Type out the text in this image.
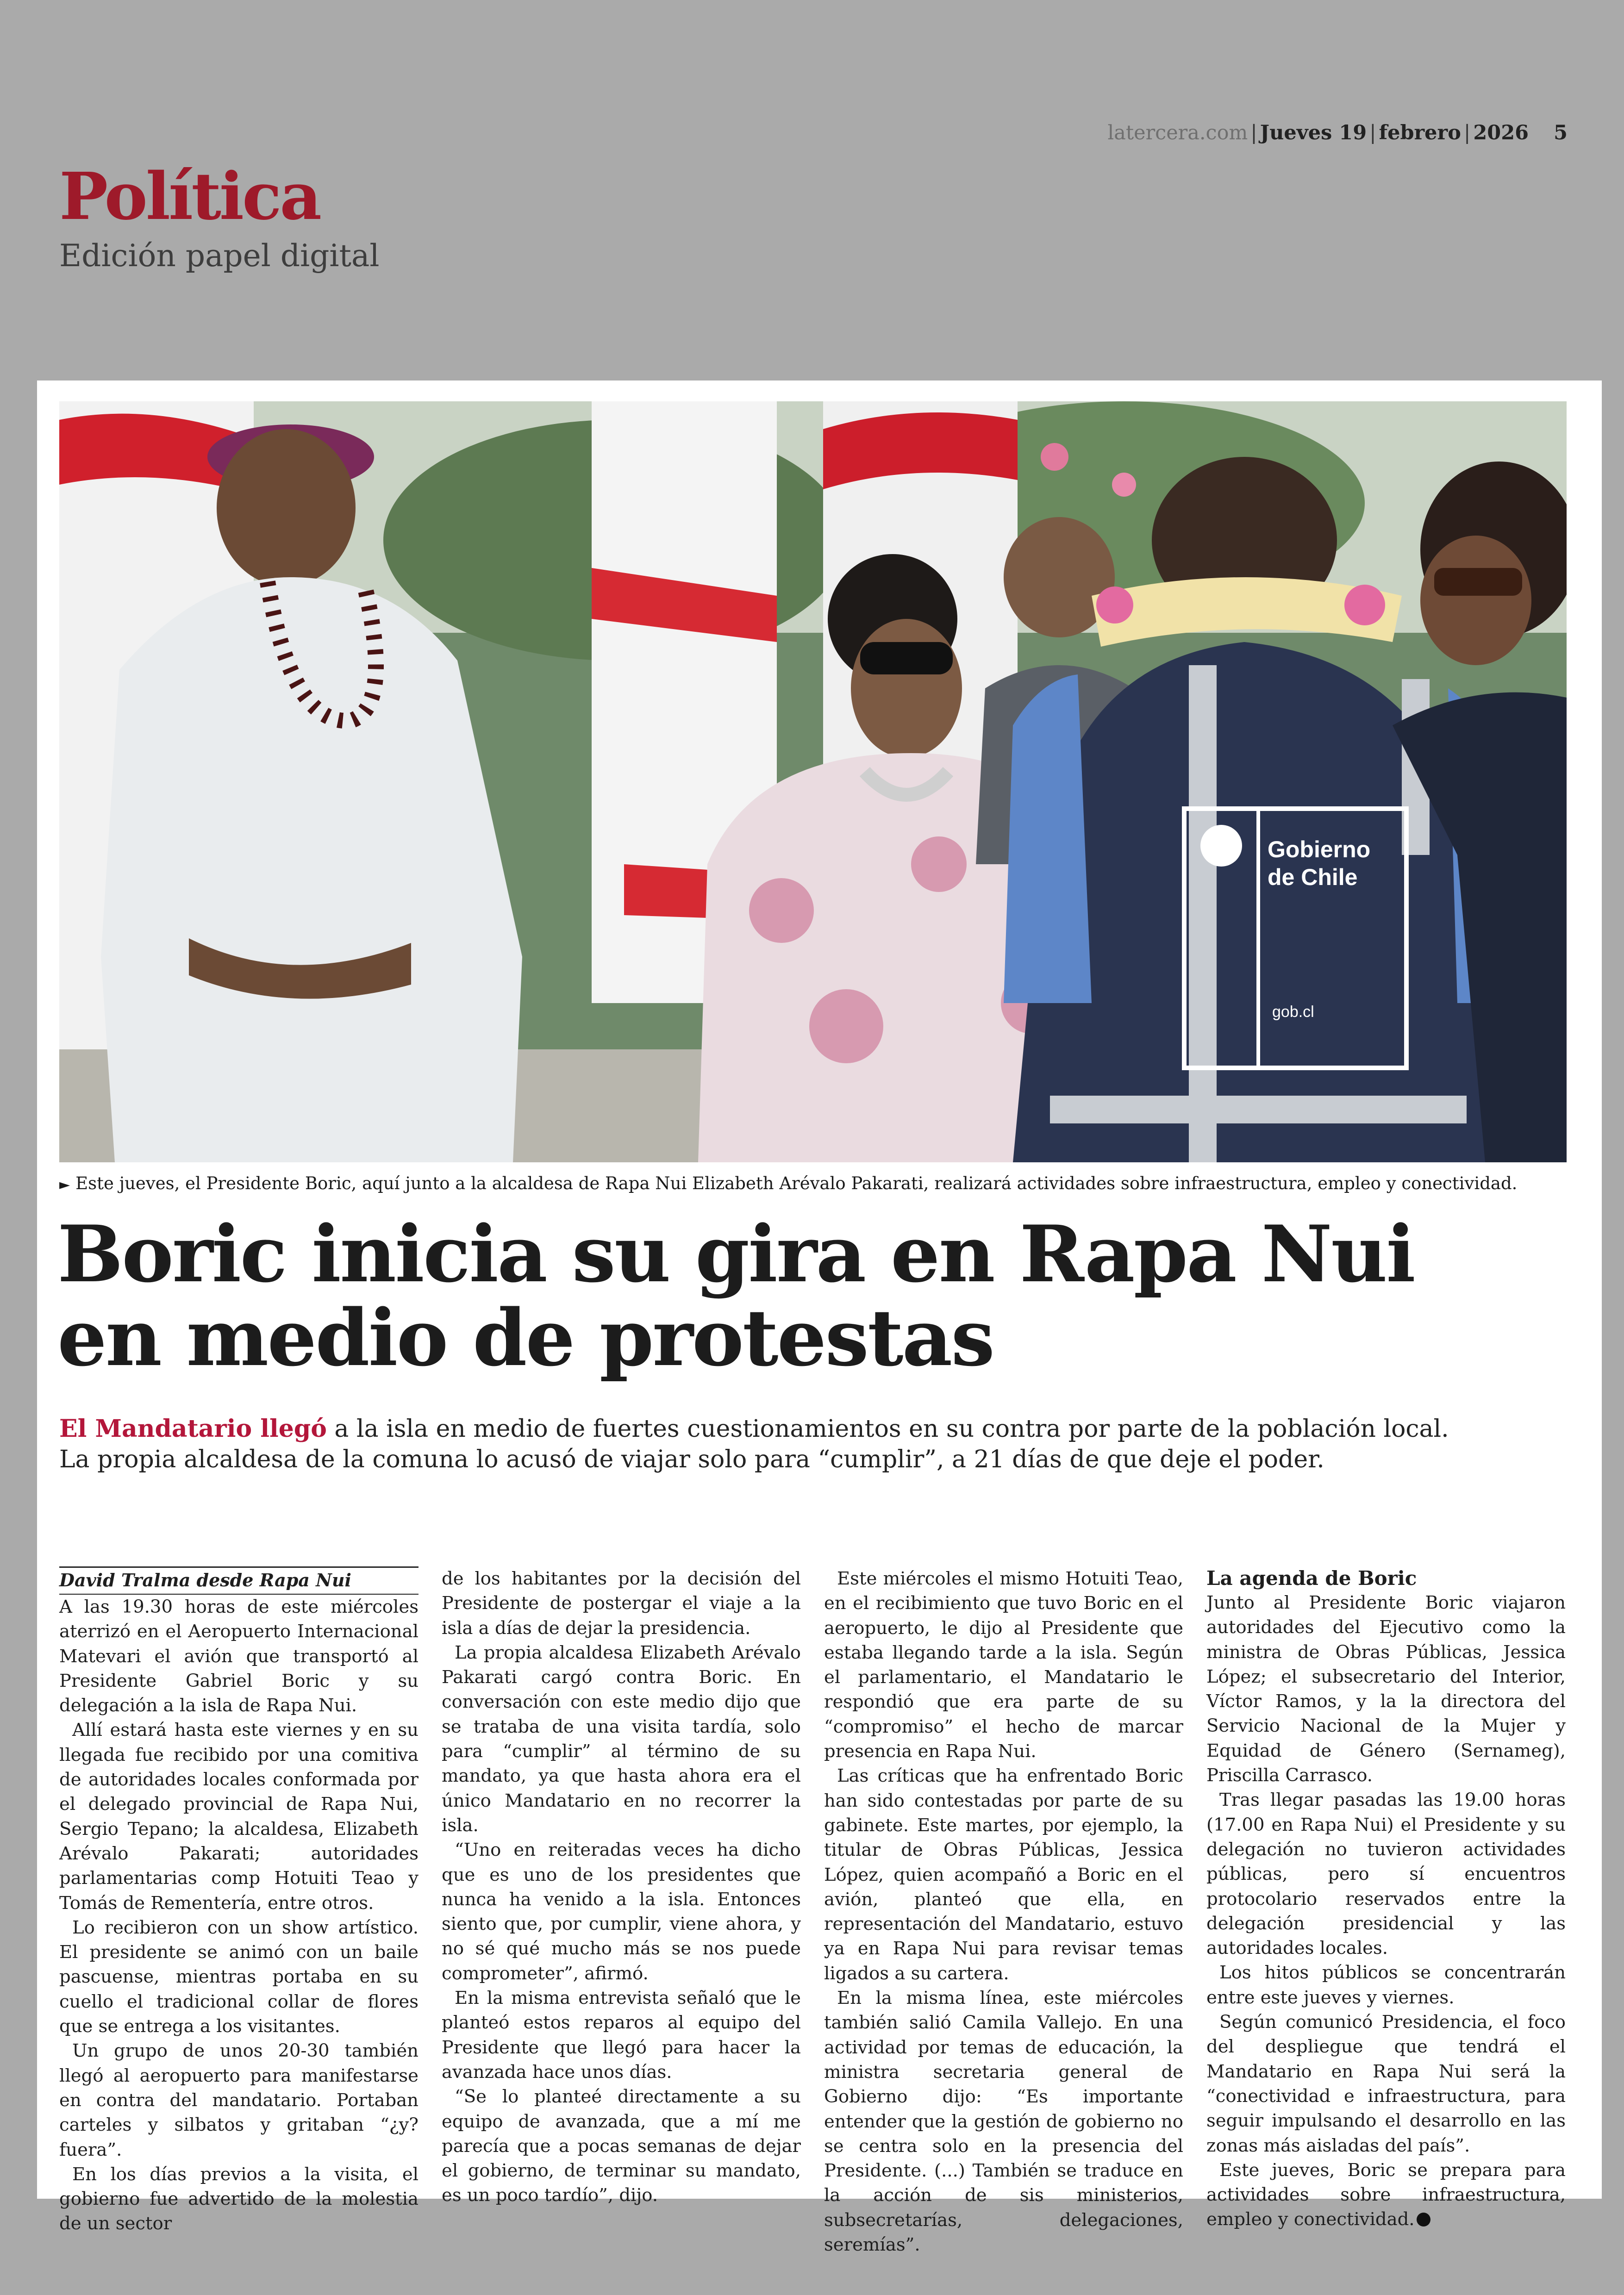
latercera.com | Jueves 19 | febrero | 2026 5
Política
Edición papel digital
Gobierno
de Chile
gob.cl
► Este jueves, el Presidente Boric, aquí junto a la alcaldesa de Rapa Nui Elizabeth Arévalo Pakarati, realizará actividades sobre infraestructura, empleo y conectividad.
Boric inicia su gira en Rapa Nui
en medio de protestas
El Mandatario llegó a la isla en medio de fuertes cuestionamientos en su contra por parte de la población local.
La propia alcaldesa de la comuna lo acusó de viajar solo para “cumplir”, a 21 días de que deje el poder.

David Tralma desde Rapa Nui

A las 19.30 horas de este miércoles aterrizó en el Aeropuerto Internacional Matevari el avión que transportó al Presidente Gabriel Boric y su delegación a la isla de Rapa Nui.

Allí estará hasta este viernes y en su llegada fue recibido por una comitiva de autoridades locales conformada por el delegado provincial de Rapa Nui, Sergio Tepano; la alcaldesa, Elizabeth Arévalo Pakarati; autoridades parlamentarias comp Hotuiti Teao y Tomás de Rementería, entre otros.

Lo recibieron con un show artístico. El presidente se animó con un baile pascuense, mientras portaba en su cuello el tradicional collar de flores que se entrega a los visitantes.

Un grupo de unos 20-30 también llegó al aeropuerto para manifestarse en contra del mandatario. Portaban carteles y silbatos y gritaban “¿y? fuera”.

En los días previos a la visita, el gobierno fue advertido de la molestia de un sector

de los habitantes por la decisión del Presidente de postergar el viaje a la isla a días de dejar la presidencia.

La propia alcaldesa Elizabeth Arévalo Pakarati cargó contra Boric. En conversación con este medio dijo que se trataba de una visita tardía, solo para “cumplir” al término de su mandato, ya que hasta ahora era el único Mandatario en no recorrer la isla.

“Uno en reiteradas veces ha dicho que es uno de los presidentes que nunca ha venido a la isla. Entonces siento que, por cumplir, viene ahora, y no sé qué mucho más se nos puede comprometer”, afirmó.

En la misma entrevista señaló que le planteó estos reparos al equipo del Presidente que llegó para hacer la avanzada hace unos días.

“Se lo planteé directamente a su equipo de avanzada, que a mí me parecía que a pocas semanas de dejar el gobierno, de terminar su mandato, es un poco tardío”, dijo.

Este miércoles el mismo Hotuiti Teao, en el recibimiento que tuvo Boric en el aeropuerto, le dijo al Presidente que estaba llegando tarde a la isla. Según el parlamentario, el Mandatario le respondió que era parte de su “compromiso” el hecho de marcar presencia en Rapa Nui.

Las críticas que ha enfrentado Boric han sido contestadas por parte de su gabinete. Este martes, por ejemplo, la titular de Obras Públicas, Jessica López, quien acompañó a Boric en el avión, planteó que ella, en representación del Mandatario, estuvo ya en Rapa Nui para revisar temas ligados a su cartera.

En la misma línea, este miércoles también salió Camila Vallejo. En una actividad por temas de educación, la ministra secretaria general de Gobierno dijo: “Es importante entender que la gestión de gobierno no se centra solo en la presencia del Presidente. (...) También se traduce en la acción de sis ministerios, subsecretarías, delegaciones, seremías”.

La agenda de Boric

Junto al Presidente Boric viajaron autoridades del Ejecutivo como la ministra de Obras Públicas, Jessica López; el subsecretario del Interior, Víctor Ramos, y la la directora del Servicio Nacional de la Mujer y Equidad de Género (Sernameg), Priscilla Carrasco.

Tras llegar pasadas las 19.00 horas (17.00 en Rapa Nui) el Presidente y su delegación no tuvieron actividades públicas, pero sí encuentros protocolario reservados entre la delegación presidencial y las autoridades locales.

Los hitos públicos se concentrarán entre este jueves y viernes.

Según comunicó Presidencia, el foco del despliegue que tendrá el Mandatario en Rapa Nui será la “conectividad e infraestructura, para seguir impulsando el desarrollo en las zonas más aisladas del país”.

Este jueves, Boric se prepara para actividades sobre infraestructura, empleo y conectividad.
